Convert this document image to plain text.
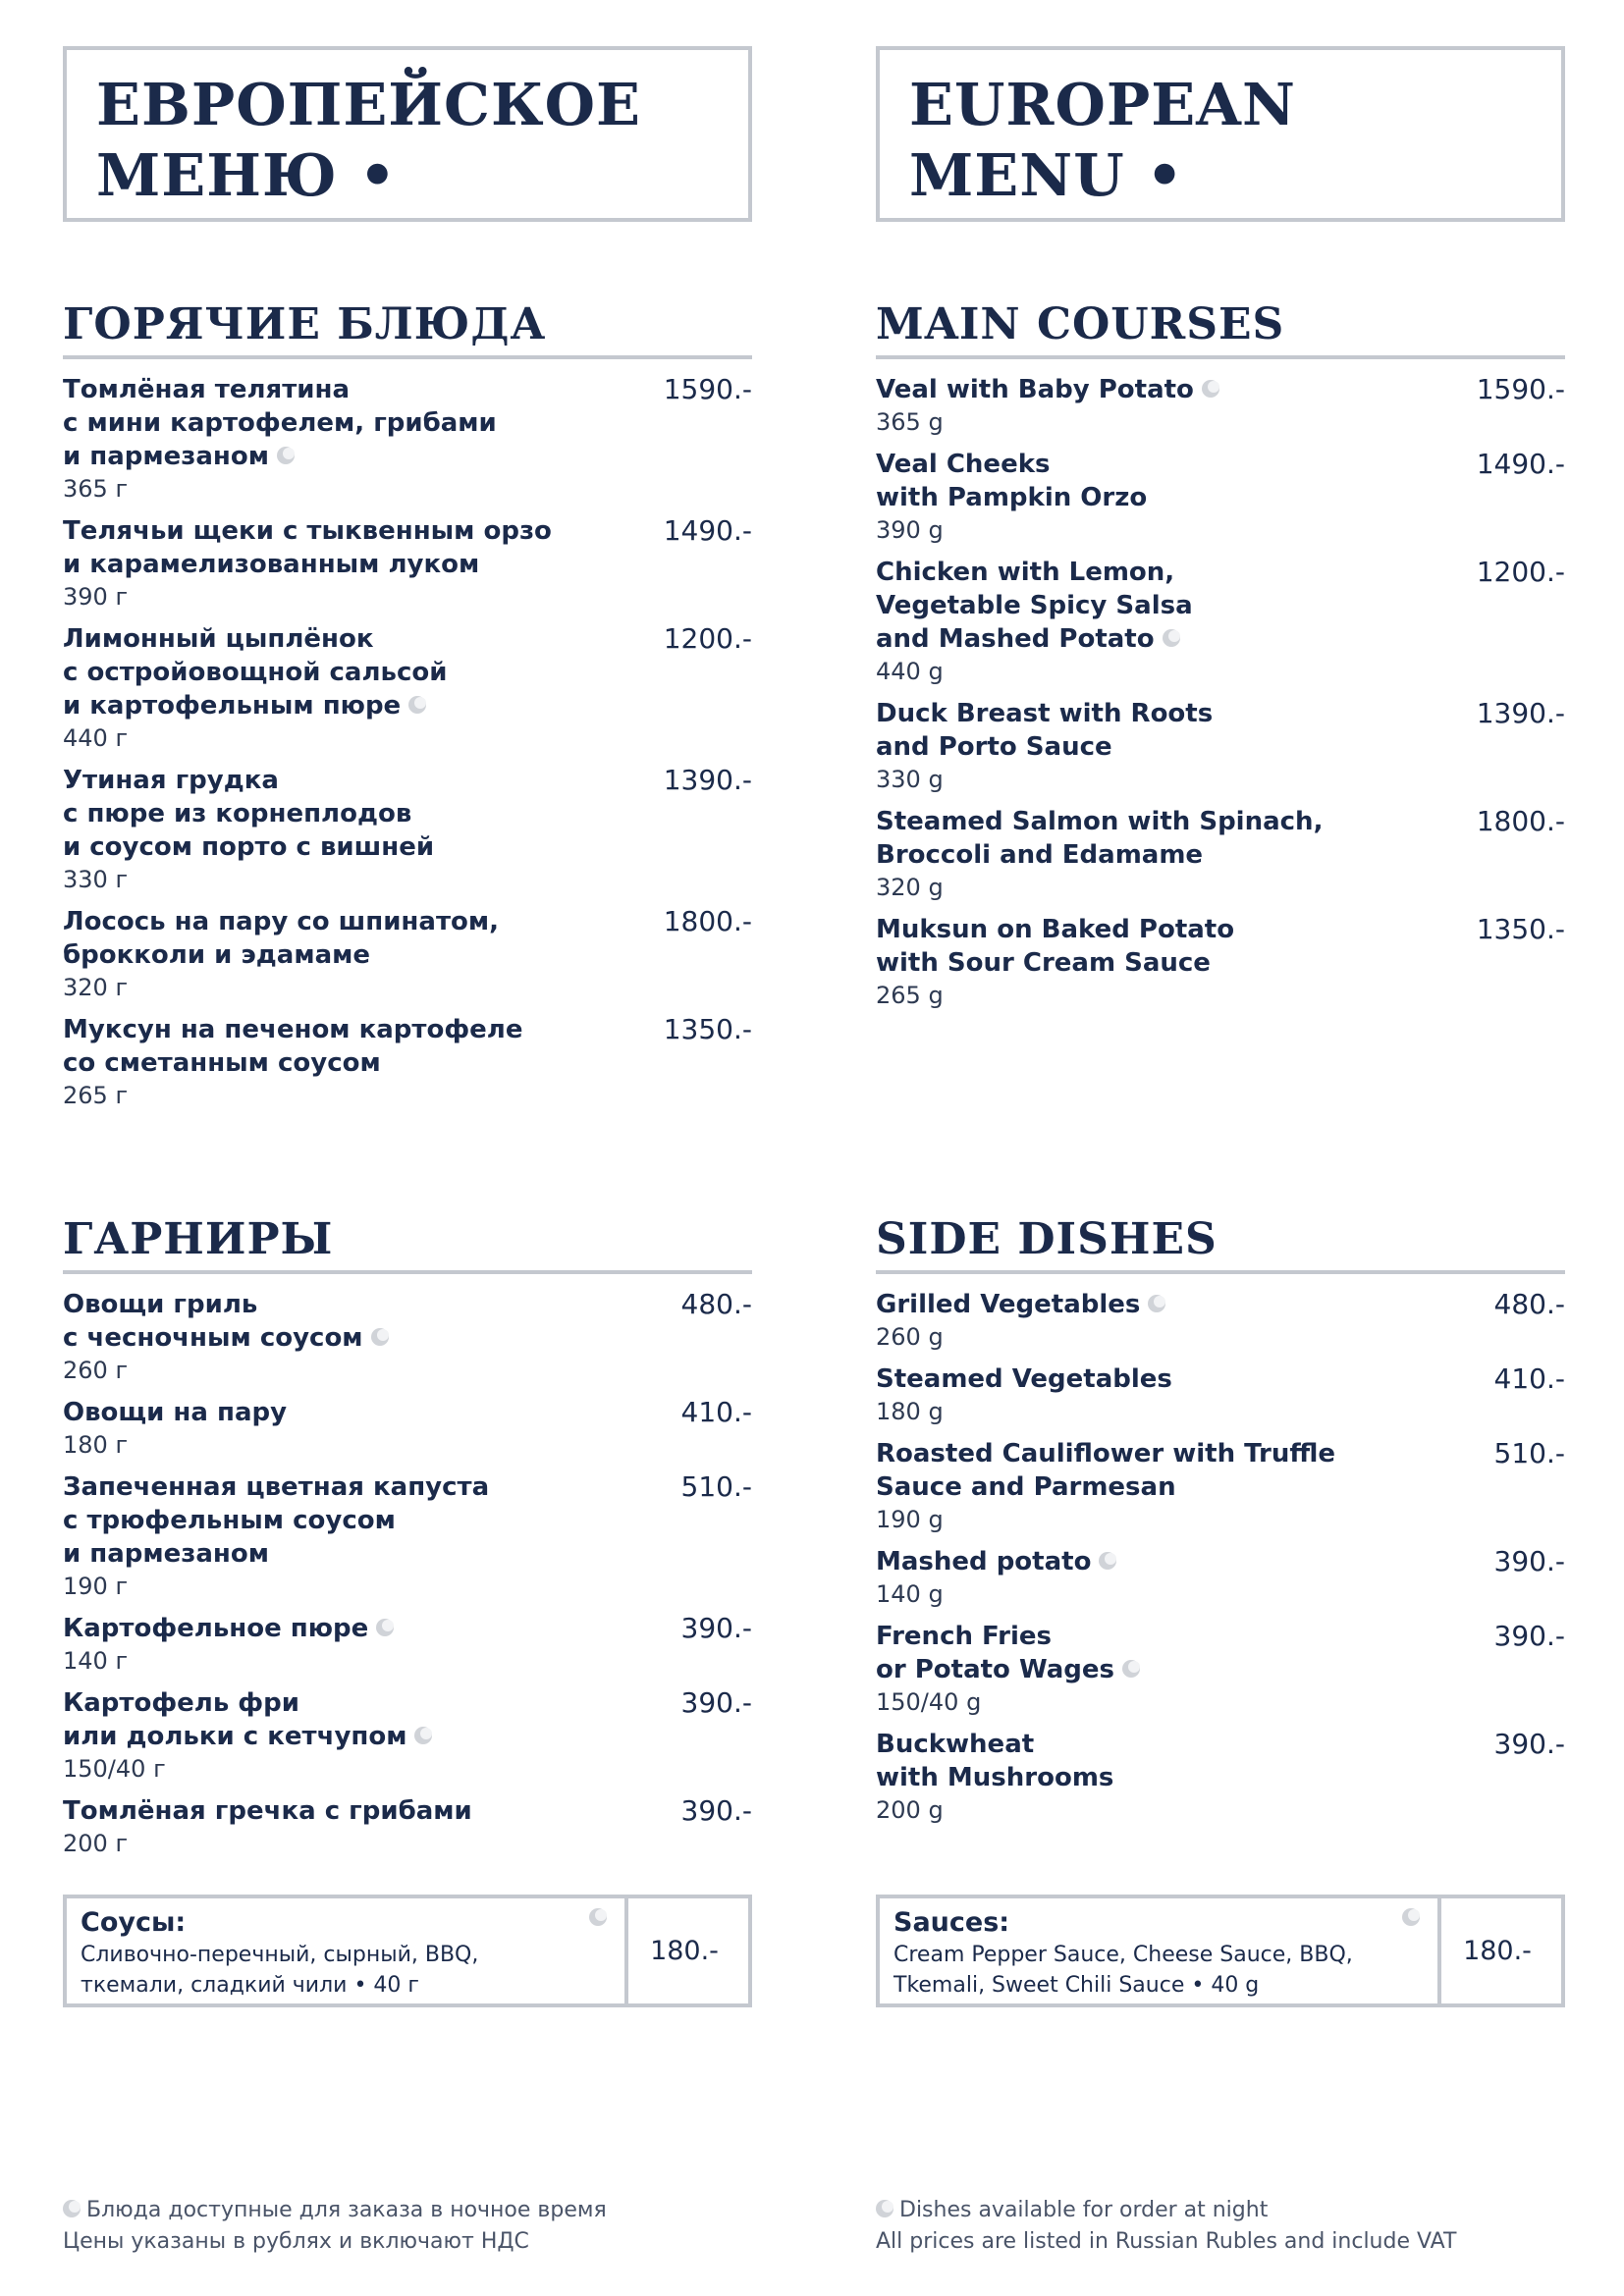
ЕВРОПЕЙСКОЕ
МЕНЮ •
ГОРЯЧИЕ БЛЮДА
Томлёная телятина
с мини картофелем, грибами
и пармезаном
365 г
1590.-
Телячьи щеки с тыквенным орзо
и карамелизованным луком
390 г
1490.-
Лимонный цыплёнок
с остройовощной сальсой
и картофельным пюре
440 г
1200.-
Утиная грудка
с пюре из корнеплодов
и соусом порто с вишней
330 г
1390.-
Лосось на пару со шпинатом,
брокколи и эдамаме
320 г
1800.-
Муксун на печеном картофеле
со сметанным соусом
265 г
1350.-
ГАРНИРЫ
Овощи гриль
с чесночным соусом
260 г
480.-
Овощи на пару
180 г
410.-
Запеченная цветная капуста
с трюфельным соусом
и пармезаном
190 г
510.-
Картофельное пюре
140 г
390.-
Картофель фри
или дольки с кетчупом
150/40 г
390.-
Томлёная гречка с грибами
200 г
390.-
Соусы:
Сливочно-перечный, сырный, BBQ,
ткемали, сладкий чили • 40 г
180.-
Блюда доступные для заказа в ночное время
Цены указаны в рублях и включают НДС
EUROPEAN
MENU •
MAIN COURSES
Veal with Baby Potato
365 g
1590.-
Veal Cheeks
with Pampkin Orzo
390 g
1490.-
Chicken with Lemon,
Vegetable Spicy Salsa
and Mashed Potato
440 g
1200.-
Duck Breast with Roots
and Porto Sauce
330 g
1390.-
Steamed Salmon with Spinach,
Broccoli and Edamame
320 g
1800.-
Muksun on Baked Potato
with Sour Cream Sauce
265 g
1350.-
SIDE DISHES
Grilled Vegetables
260 g
480.-
Steamed Vegetables
180 g
410.-
Roasted Cauliflower with Truffle
Sauce and Parmesan
190 g
510.-
Mashed potato
140 g
390.-
French Fries
or Potato Wages
150/40 g
390.-
Buckwheat
with Mushrooms
200 g
390.-
Sauces:
Cream Pepper Sauce, Cheese Sauce, BBQ,
Tkemali, Sweet Chili Sauce • 40 g
180.-
Dishes available for order at night
All prices are listed in Russian Rubles and include VAT
